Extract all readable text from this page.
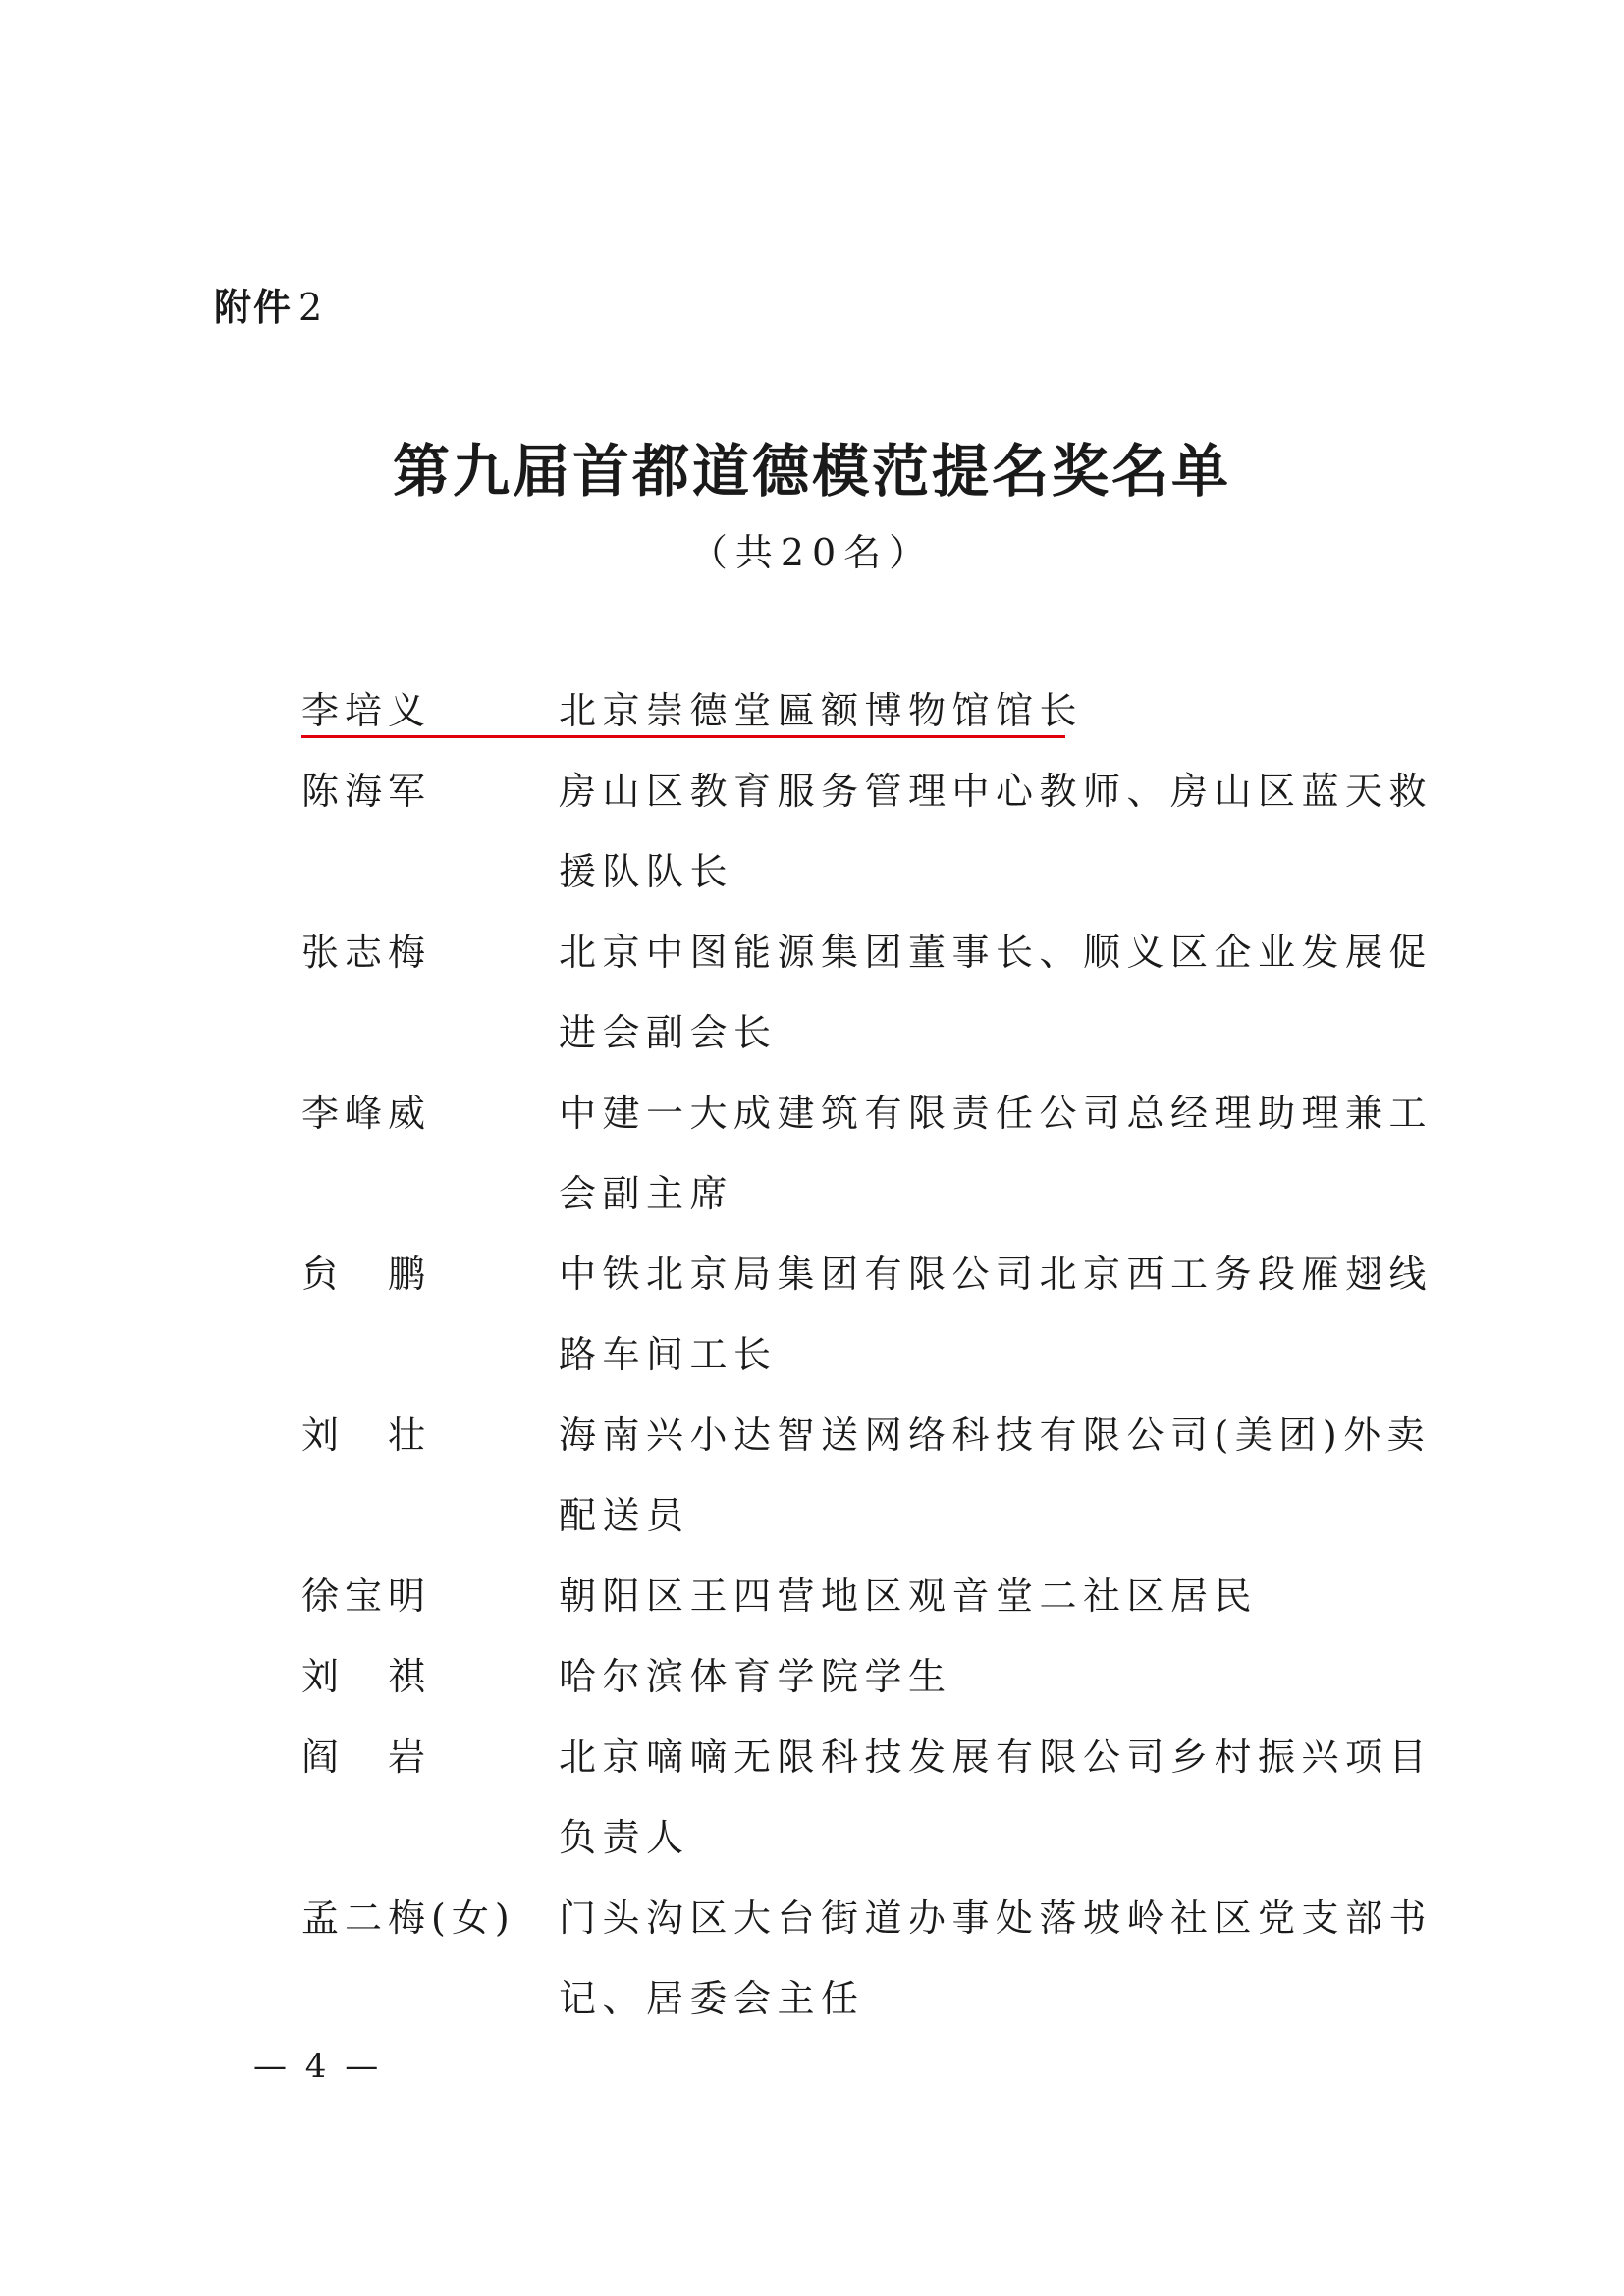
附件 2
第九届首都道德模范提名奖名单
（共20名）
李培义	北京崇德堂匾额博物馆馆长
陈海军	房山区教育服务管理中心教师、房山区蓝天救
援队队长
张志梅	北京中图能源集团董事长、顺义区企业发展促
进会副会长
李峰威	中建一大成建筑有限责任公司总经理助理兼工
会副主席
贠　鹏	中铁北京局集团有限公司北京西工务段雁翅线
路车间工长
刘　壮	海南兴小达智送网络科技有限公司(美团)外卖
配送员
徐宝明	朝阳区王四营地区观音堂二社区居民
刘　祺	哈尔滨体育学院学生
阎　岩	北京嘀嘀无限科技发展有限公司乡村振兴项目
负责人
孟二梅(女)	门头沟区大台街道办事处落坡岭社区党支部书
记、居委会主任
— 4 —
